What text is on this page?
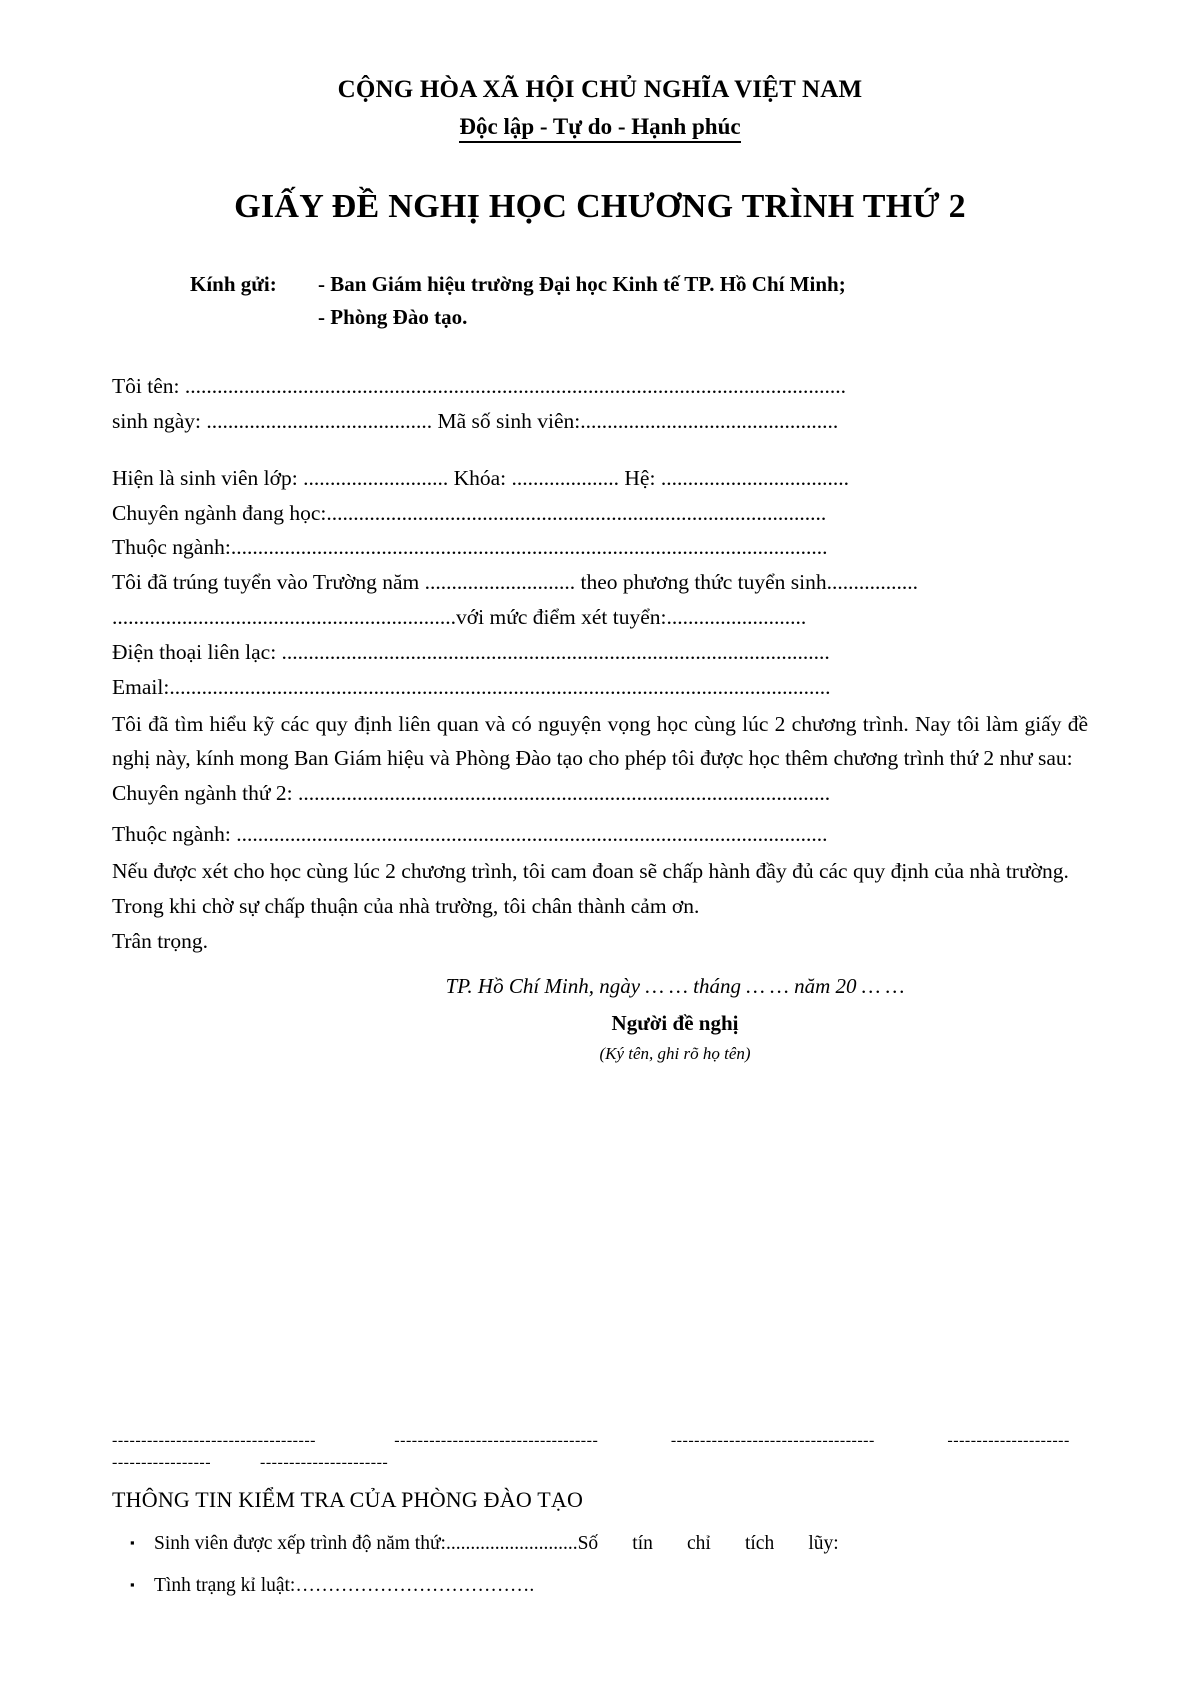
CỘNG HÒA XÃ HỘI CHỦ NGHĨA VIỆT NAM
Độc lập - Tự do - Hạnh phúc
GIẤY ĐỀ NGHỊ HỌC CHƯƠNG TRÌNH THỨ 2
Kính gửi:	- Ban Giám hiệu trường Đại học Kinh tế TP. Hồ Chí Minh;
- Phòng Đào tạo.
Tôi tên: ...........................................................................................................................
sinh ngày: .......................................... Mã số sinh viên:................................................
Hiện là sinh viên lớp: ........................... Khóa: .................... Hệ: ...................................
Chuyên ngành đang học:.............................................................................................
Thuộc ngành:...............................................................................................................
Tôi đã trúng tuyển vào Trường năm ............................ theo phương thức tuyển sinh.................
................................................................với mức điểm xét tuyển:..........................
Điện thoại liên lạc: ......................................................................................................
Email:...........................................................................................................................
Tôi đã tìm hiểu kỹ các quy định liên quan và có nguyện vọng học cùng lúc 2 chương trình. Nay tôi làm giấy đề nghị này, kính mong Ban Giám hiệu và Phòng Đào tạo cho phép tôi được học thêm chương trình thứ 2 như sau:
Chuyên ngành thứ 2: ...................................................................................................
Thuộc ngành: ..............................................................................................................
Nếu được xét cho học cùng lúc 2 chương trình, tôi cam đoan sẽ chấp hành đầy đủ các quy định của nhà trường.
Trong khi chờ sự chấp thuận của nhà trường, tôi chân thành cảm ơn.
Trân trọng.
TP. Hồ Chí Minh, ngày … … tháng … … năm 20 … …
Người đề nghị
(Ký tên, ghi rõ họ tên)
-----------------------------------	-----------------------------------	-----------------------------------	---------------------
-----------------	----------------------
THÔNG TIN KIỂM TRA CỦA PHÒNG ĐÀO TẠO
▪ Sinh viên được xếp trình độ năm thứ:...........................Số       tín       chỉ       tích       lũy:
▪ Tình trạng kỉ luật:……………………………….
